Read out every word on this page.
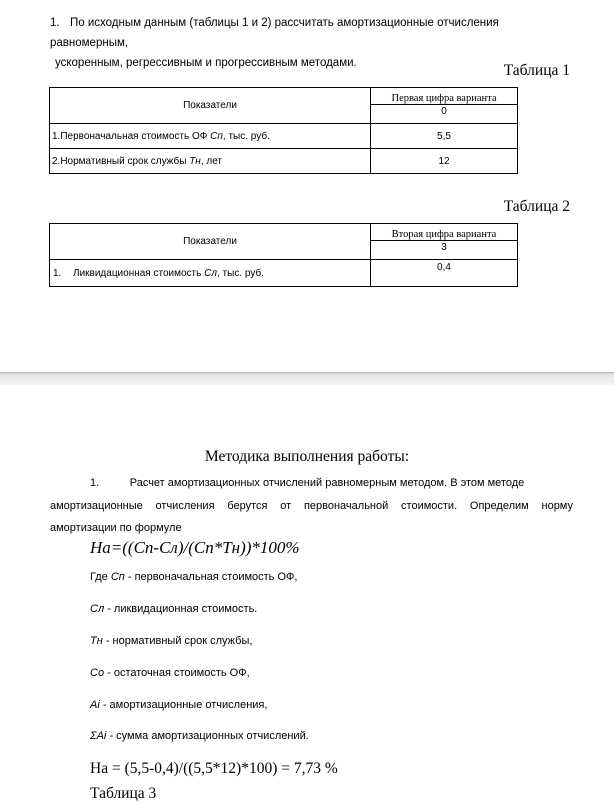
1. По исходным данным (таблицы 1 и 2) рассчитать амортизационные отчисления равномерным,
ускоренным, регрессивным и прогрессивным методами.	Таблица 1
Показатели	Первая цифра варианта
0

1.Первоначальная стоимость ОФ Сп, тыс. руб.	5,5
2.Нормативный срок службы Тн, лет	12
Таблица 2
Показатели	Вторая цифра варианта
3

1. Ликвидационная стоимость Сл, тыс. руб.	0,4
Методика выполнения работы:
1.          Расчет амортизационных отчислений равномерным методом. В этом методе
амортизационные отчисления берутся от первоначальной стоимости. Определим норму
амортизации по формуле
На=((Сп-Сл)/(Сп*Тн))*100%
Где Сп - первоначальная стоимость ОФ,
Сл - ликвидационная стоимость.
Тн - нормативный срок службы,
Со - остаточная стоимость ОФ,
Ai - амортизационные отчисления,
ΣAi - сумма амортизационных отчислений.
На = (5,5-0,4)/((5,5*12)*100) = 7,73 %
Таблица 3
